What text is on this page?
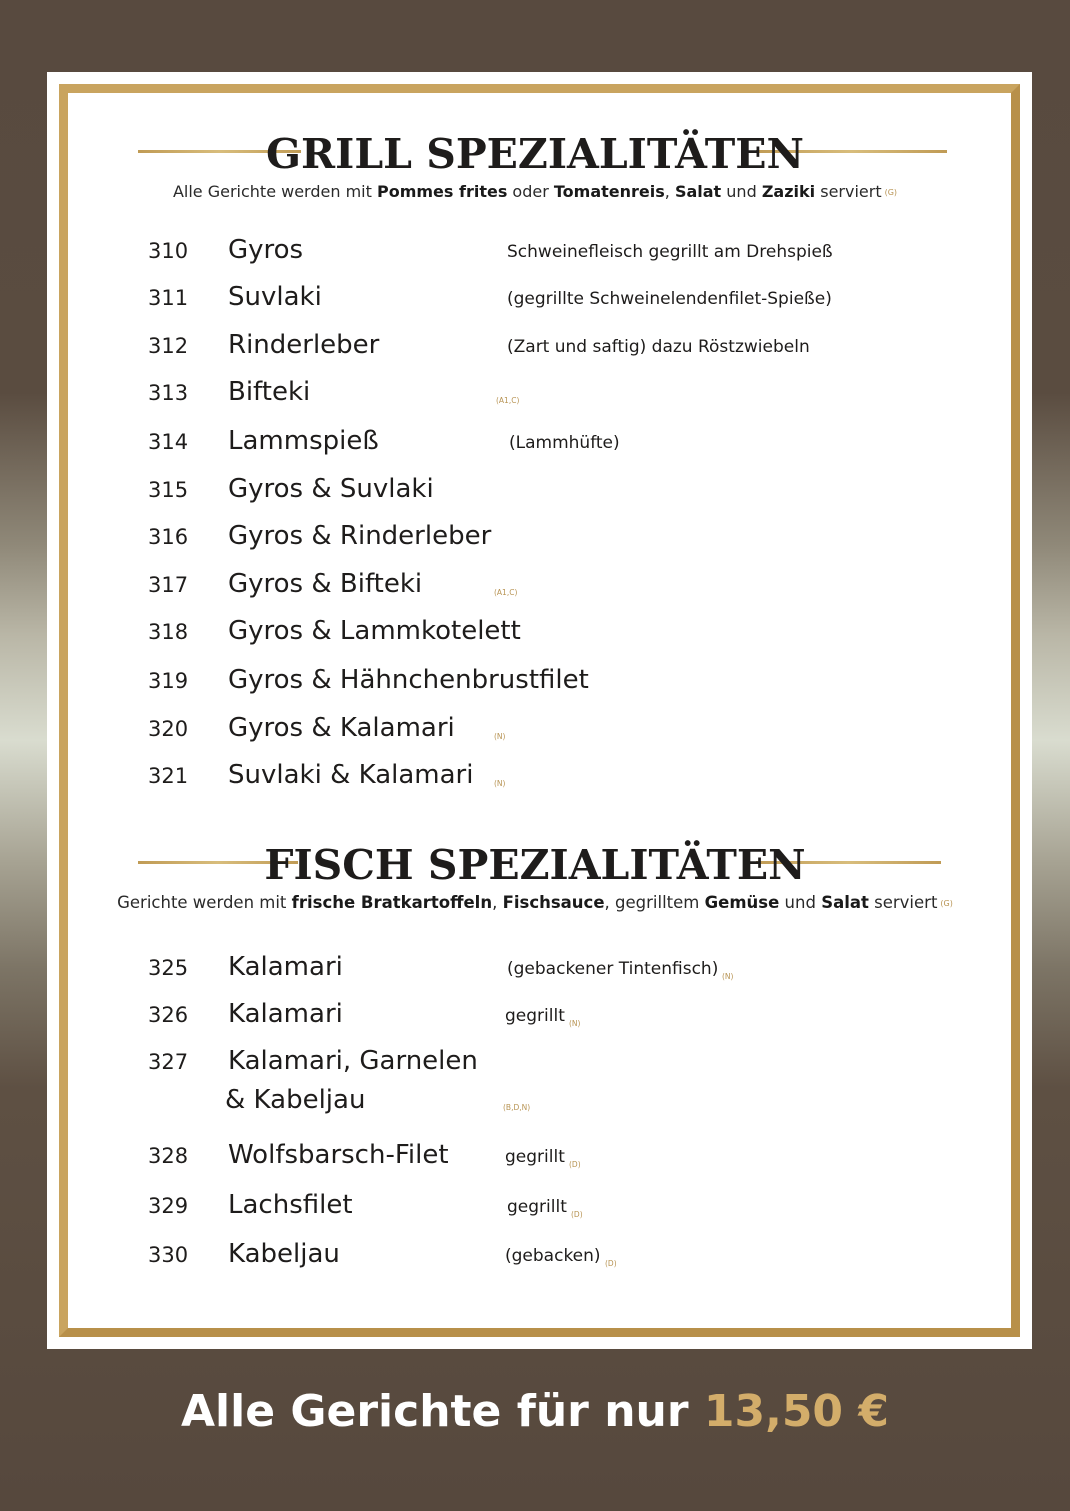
GRILL SPEZIALITÄTEN
Alle Gerichte werden mit Pommes frites oder Tomatenreis, Salat und Zaziki serviert (G)
310 Gyros	Schweinefleisch gegrillt am Drehspieß
311 Suvlaki	(gegrillte Schweinelendenfilet-Spieße)
312 Rinderleber	(Zart und saftig) dazu Röstzwiebeln
313 Bifteki	(A1,C)
314 Lammspieß	(Lammhüfte)
315 Gyros & Suvlaki
316 Gyros & Rinderleber
317 Gyros & Bifteki	(A1,C)
318 Gyros & Lammkotelett
319 Gyros & Hähnchenbrustfilet
320 Gyros & Kalamari	(N)
321 Suvlaki & Kalamari	(N)
FISCH SPEZIALITÄTEN
Gerichte werden mit frische Bratkartoffeln, Fischsauce, gegrilltem Gemüse und Salat serviert (G)
325 Kalamari	(gebackener Tintenfisch) (N)
326 Kalamari	gegrillt (N)
327 Kalamari, Garnelen
& Kabeljau	(B,D,N)
328 Wolfsbarsch-Filet	gegrillt (D)
329 Lachsfilet	gegrillt (D)
330 Kabeljau	(gebacken) (D)
Alle Gerichte für nur 13,50 €
